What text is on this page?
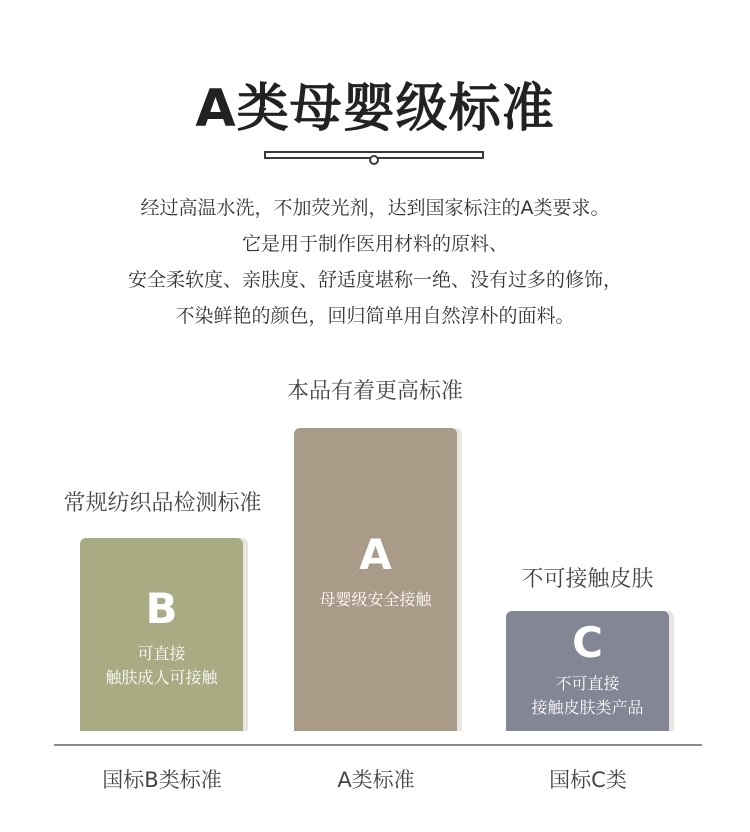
A类母婴级标准
经过高温水洗，不加荧光剂，达到国家标注的A类要求。
它是用于制作医用材料的原料、
安全柔软度、亲肤度、舒适度堪称一绝、没有过多的修饰，
不染鲜艳的颜色，回归简单用自然淳朴的面料。
常规纺织品检测标准
本品有着更高标准
不可接触皮肤
B
可直接
触肤成人可接触
A
母婴级安全接触
C
不可直接
接触皮肤类产品
国标B类标准	A类标准	国标C类
